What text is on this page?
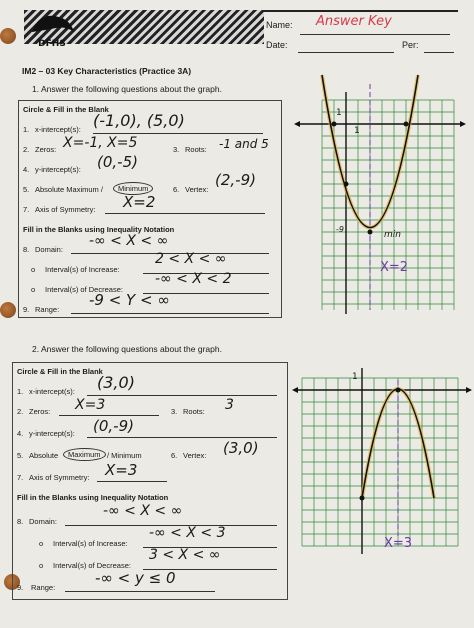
DFHS
Name: Answer Key
Date:	Per:
IM2 – 03 Key Characteristics (Practice 3A)
1. Answer the following questions about the graph.
Circle & Fill in the Blank
1. x-intercept(s): (-1,0), (5,0)
2. Zeros: X=-1, X=5	3. Roots: -1 and 5
4. y-intercept(s): (0,-5)
5. Absolute Maximum /	Minimum	6. Vertex:
(2,-9)
7. Axis of Symmetry: X=2
Fill in the Blanks using Inequality Notation
8. Domain:
-∞ < X < ∞
o Interval(s) of Increase:
2 < X < ∞
o Interval(s) of Decrease:
-∞ < X < 2
9. Range:
-9 < Y < ∞
1
1
-9
min
X=2
2. Answer the following questions about the graph.
Circle & Fill in the Blank
1. x-intercept(s): (3,0)
2. Zeros: X=3	3. Roots: 3
4. y-intercept(s): (0,-9)
5. Absolute	Maximum / Minimum	6. Vertex: (3,0)
7. Axis of Symmetry: X=3
Fill in the Blanks using Inequality Notation
8. Domain:
-∞ < X < ∞
o Interval(s) of Increase:
-∞ < X < 3
o Interval(s) of Decrease:
3 < X < ∞
9. Range:
-∞ < y ≤ 0
1
X=3
